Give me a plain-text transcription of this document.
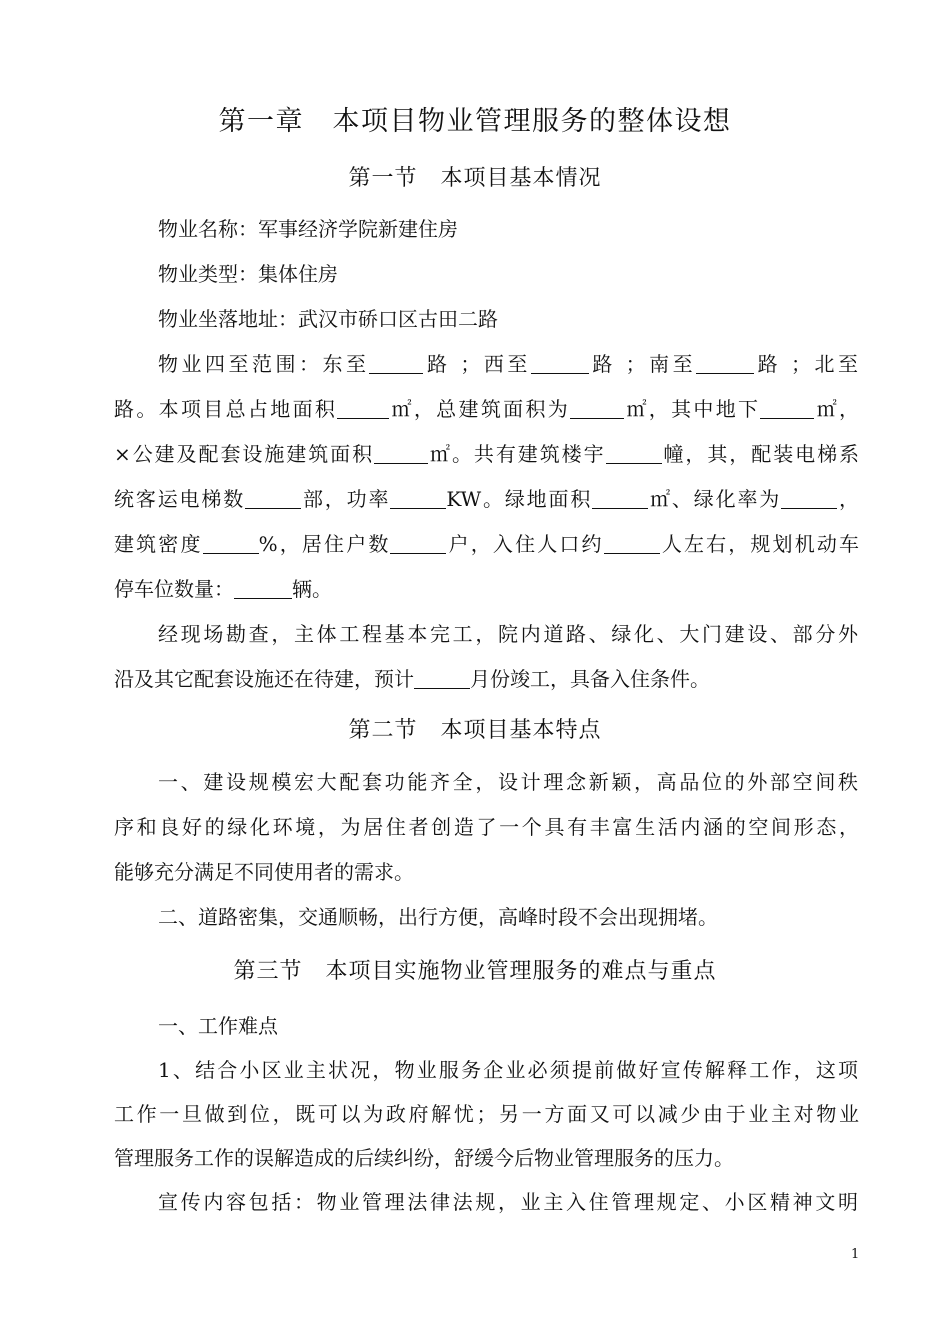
第一章　本项目物业管理服务的整体设想
第一节　本项目基本情况
物业名称：军事经济学院新建住房
物业类型：集体住房
物业坐落地址：武汉市硚口区古田二路
物业四至范围：东至	路 ；西至	路 ；南至	路 ；北至
路。本项目总占地面积	㎡，总建筑面积为	㎡，其中地下	㎡，
×公建及配套设施建筑面积	㎡。共有建筑楼宇	幢，其，配装电梯系
统客运电梯数	部，功率	KW。绿地面积	㎡、绿化率为	，
建筑密度	%，居住户数	户，入住人口约	人左右，规划机动车
停车位数量：	辆。
经现场勘查，主体工程基本完工，院内道路、绿化、大门建设、部分外
沿及其它配套设施还在待建，预计	月份竣工，具备入住条件。
第二节　本项目基本特点
一、建设规模宏大配套功能齐全，设计理念新颖，高品位的外部空间秩
序和良好的绿化环境，为居住者创造了一个具有丰富生活内涵的空间形态，
能够充分满足不同使用者的需求。
二、道路密集，交通顺畅，出行方便，高峰时段不会出现拥堵。
第三节　本项目实施物业管理服务的难点与重点
一、工作难点
1、结合小区业主状况，物业服务企业必须提前做好宣传解释工作，这项
工作一旦做到位，既可以为政府解忧；另一方面又可以减少由于业主对物业
管理服务工作的误解造成的后续纠纷，舒缓今后物业管理服务的压力。
宣传内容包括：物业管理法律法规，业主入住管理规定、小区精神文明
1
